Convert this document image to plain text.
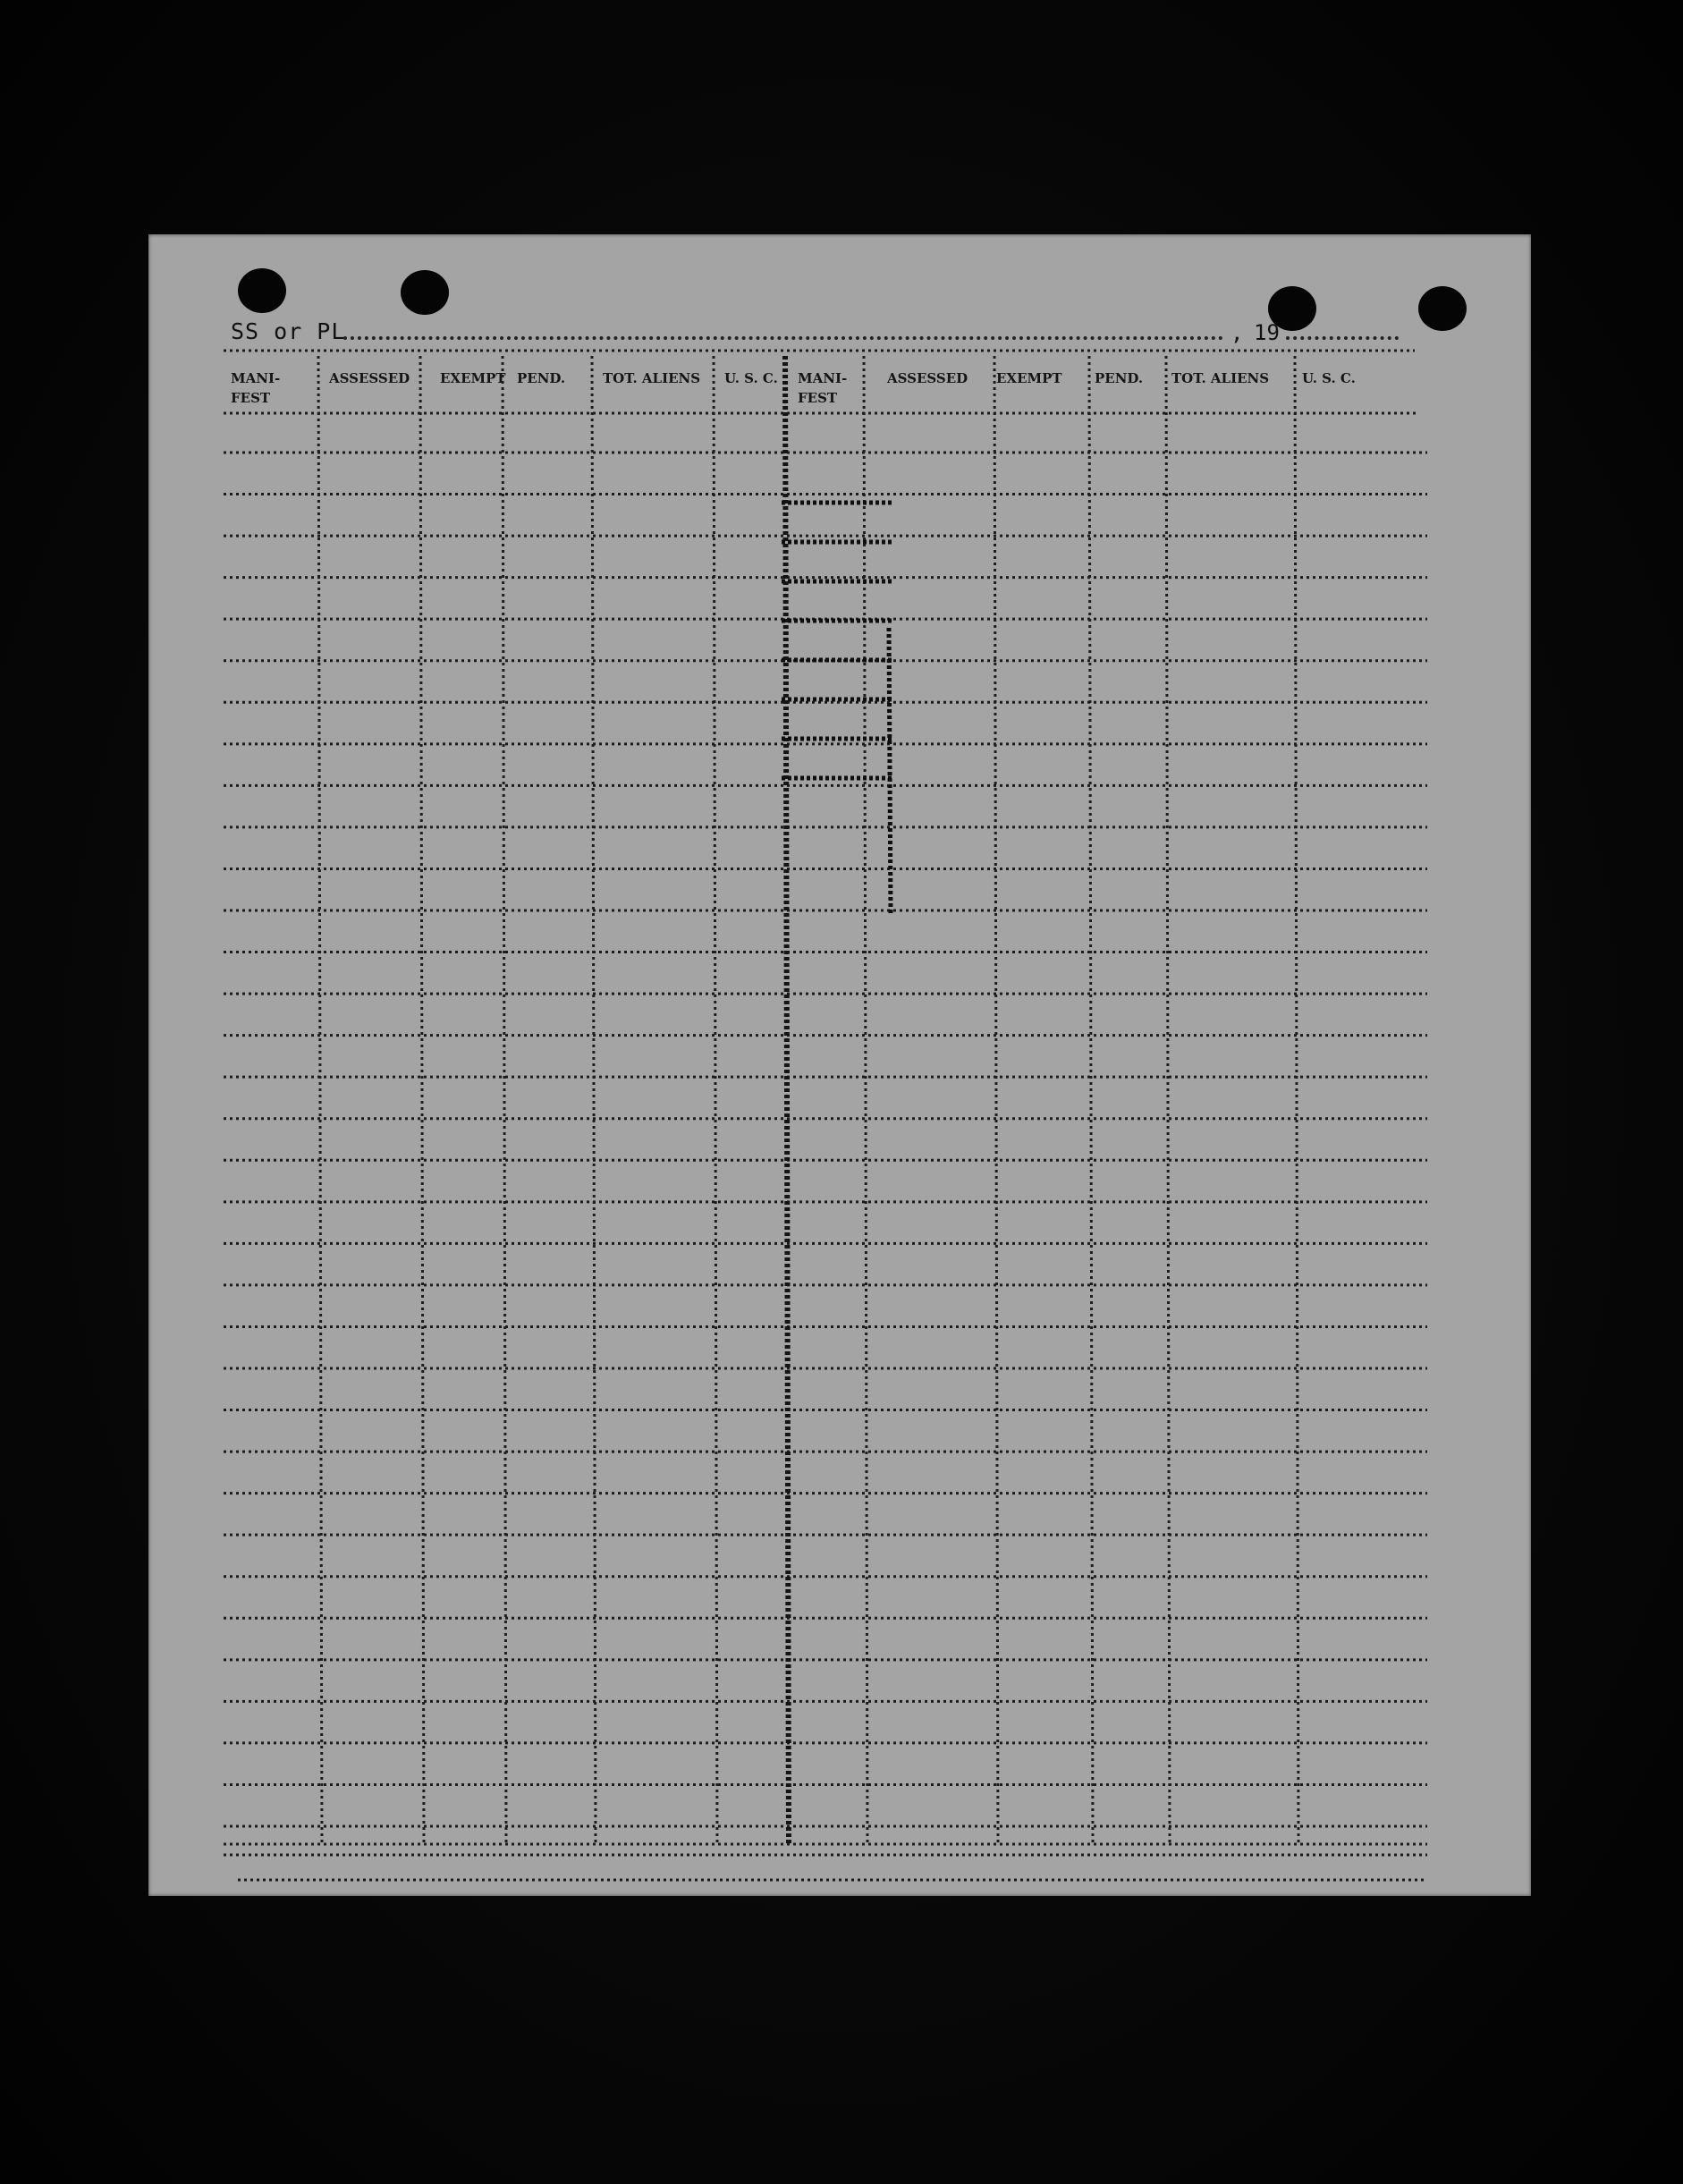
SS or PL	, 19
MANI-
FEST
ASSESSED EXEMPT PEND.	TOT. ALIENS U. S. C. MANI-
FEST
ASSESSED EXEMPT PEND. TOT. ALIENS U. S. C.
